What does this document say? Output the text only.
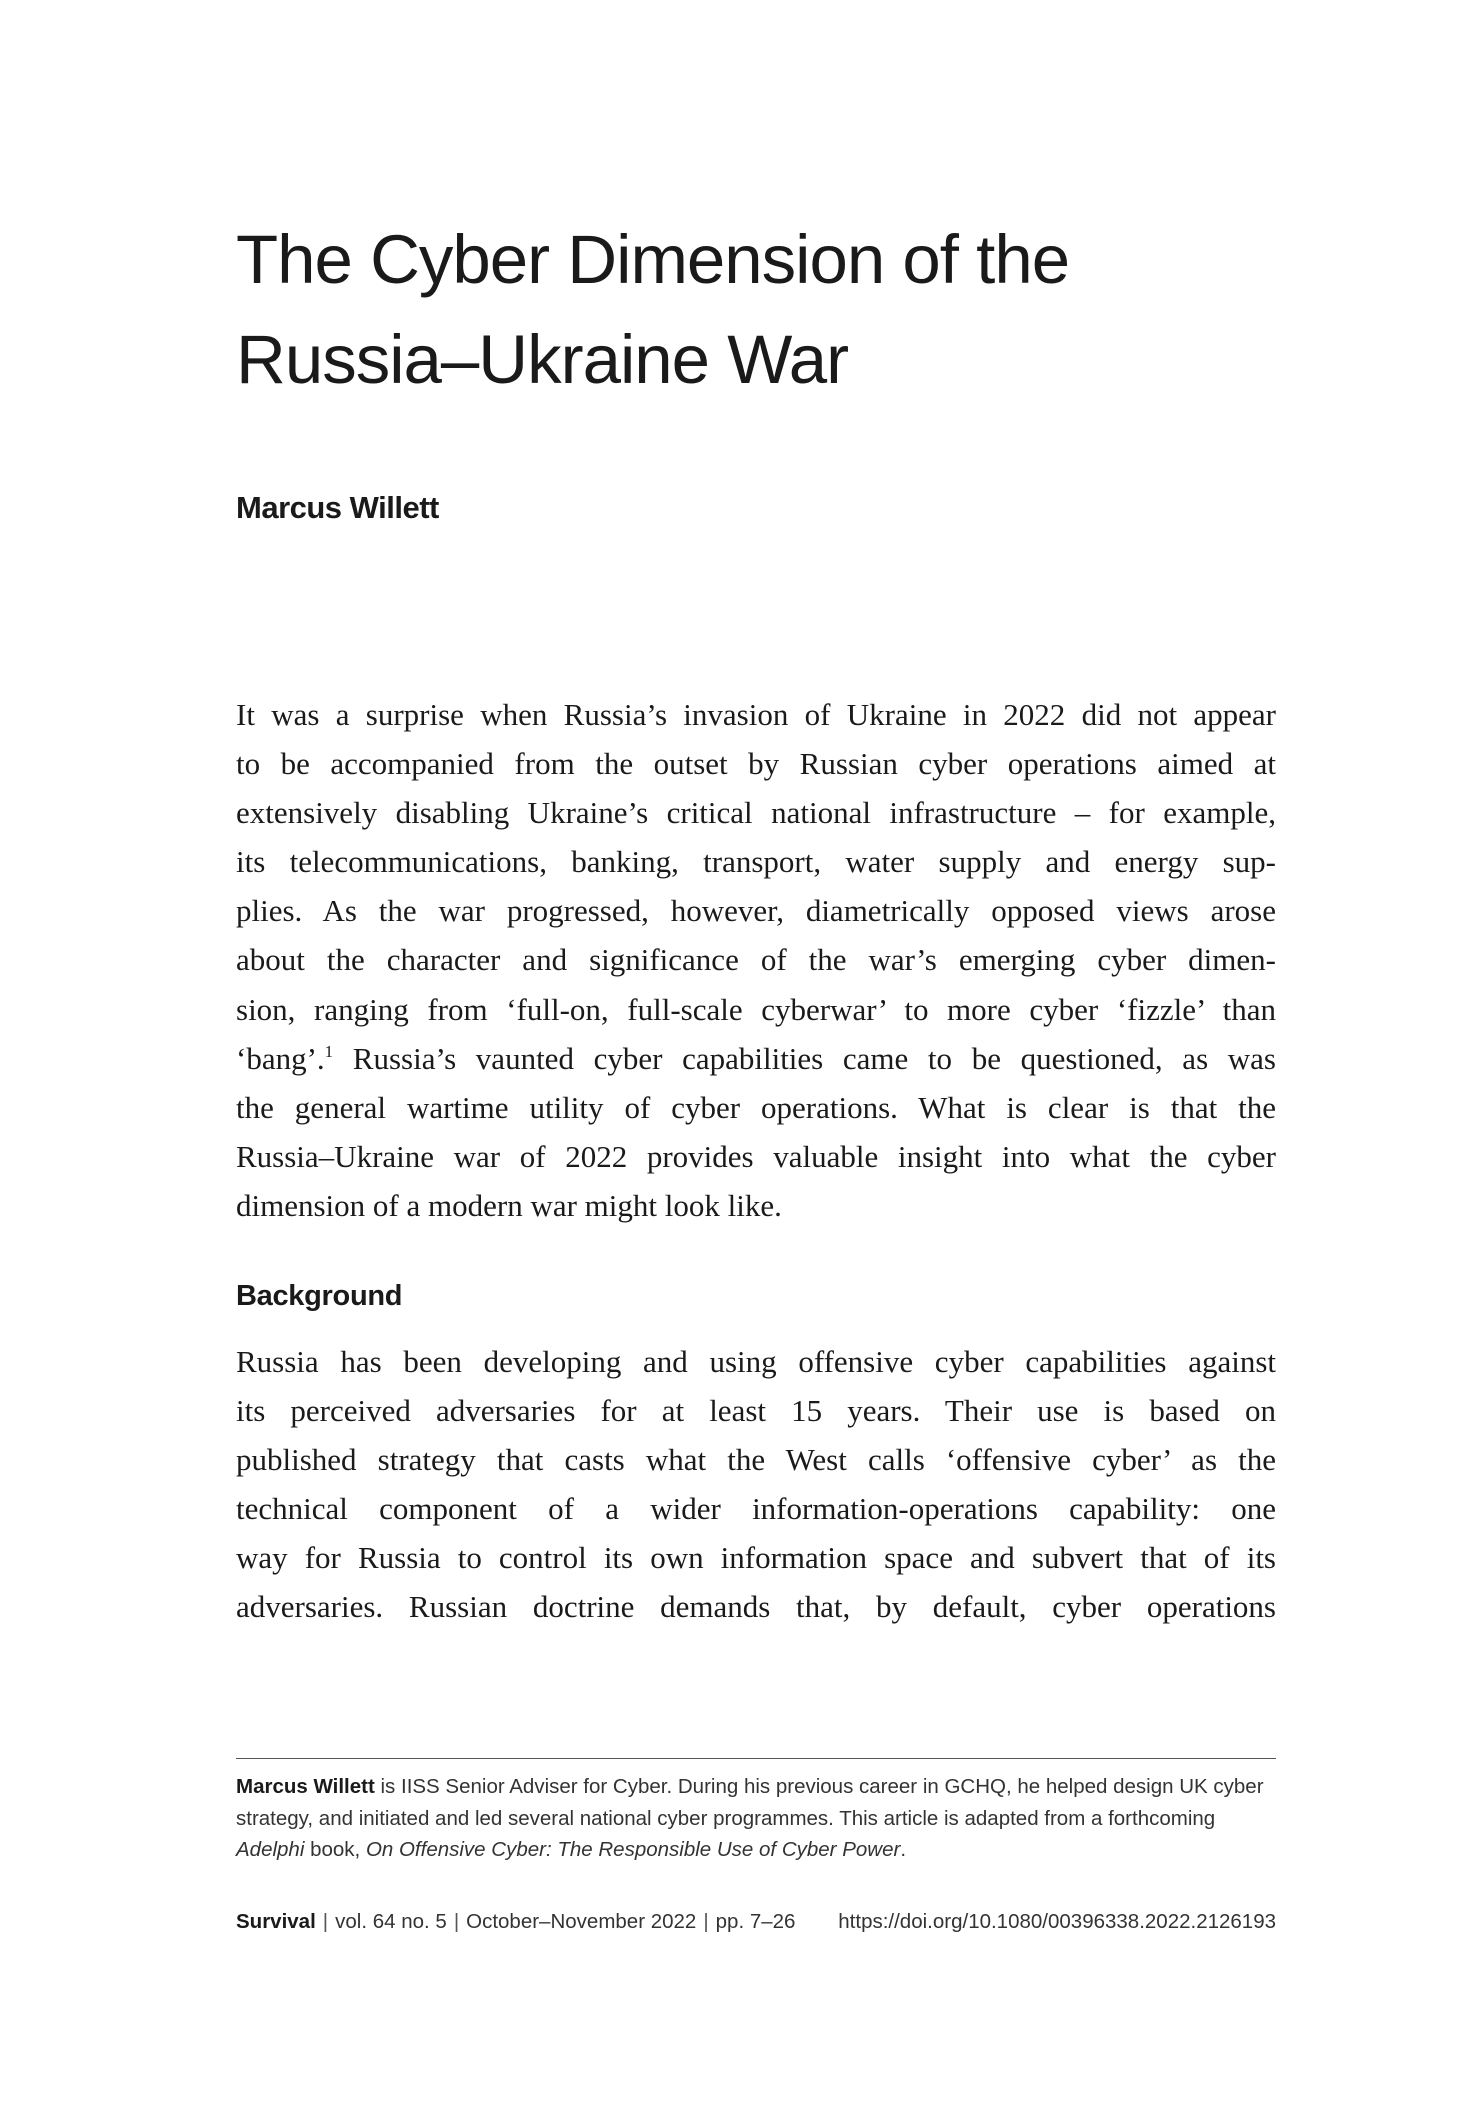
The Cyber Dimension of the
Russia–Ukraine War

Marcus Willett

It was a surprise when Russia’s invasion of Ukraine in 2022 did not appear
to be accompanied from the outset by Russian cyber operations aimed at
extensively disabling Ukraine’s critical national infrastructure – for example,
its telecommunications, banking, transport, water supply and energy sup-
plies. As the war progressed, however, diametrically opposed views arose
about the character and significance of the war’s emerging cyber dimen-
sion, ranging from ‘full-on, full-scale cyberwar’ to more cyber ‘fizzle’ than
‘bang’.$^1$ Russia’s vaunted cyber capabilities came to be questioned, as was
the general wartime utility of cyber operations. What is clear is that the
Russia–Ukraine war of 2022 provides valuable insight into what the cyber
dimension of a modern war might look like.
Background
Russia has been developing and using offensive cyber capabilities against
its perceived adversaries for at least 15 years. Their use is based on
published strategy that casts what the West calls ‘offensive cyber’ as the
technical component of a wider information-operations capability: one
way for Russia to control its own information space and subvert that of its
adversaries. Russian doctrine demands that, by default, cyber operations
Marcus Willett is IISS Senior Adviser for Cyber. During his previous career in GCHQ, he helped design UK cyber
strategy, and initiated and led several national cyber programmes. This article is adapted from a forthcoming
Adelphi book, On Offensive Cyber: The Responsible Use of Cyber Power.
Survival | vol. 64 no. 5 | October–November 2022 | pp. 7–26 https://doi.org/10.1080/00396338.2022.2126193
